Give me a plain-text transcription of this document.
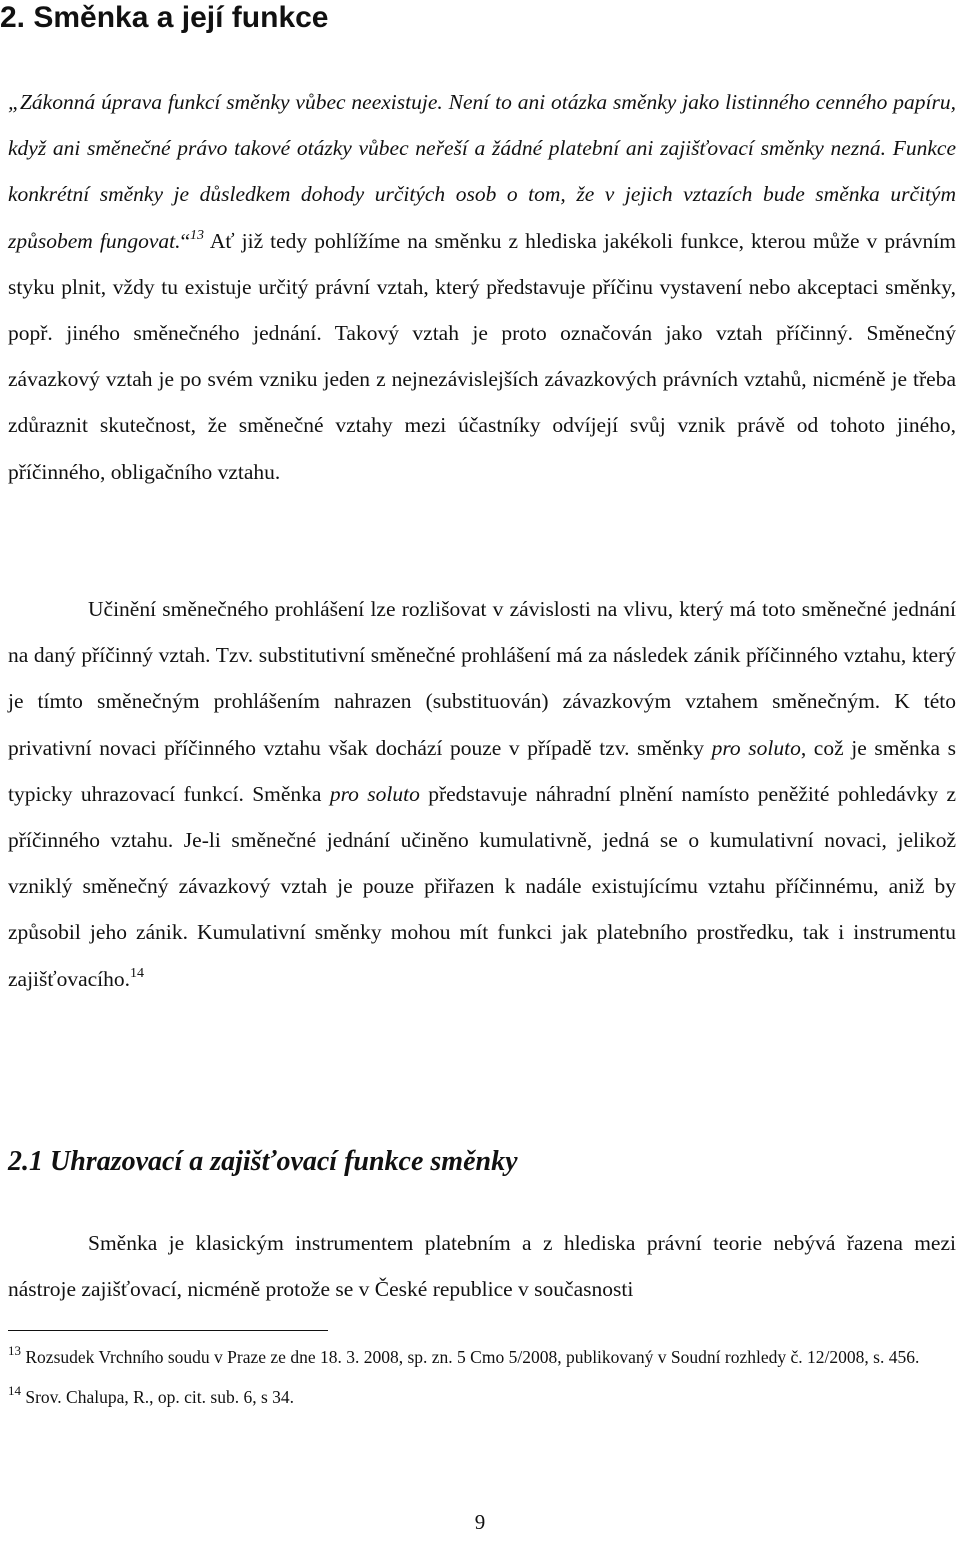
2. Směnka a její funkce

„Zákonná úprava funkcí směnky vůbec neexistuje. Není to ani otázka směnky jako listinného cenného papíru, když ani směnečné právo takové otázky vůbec neřeší a žádné platební ani zajišťovací směnky nezná. Funkce konkrétní směnky je důsledkem dohody určitých osob o tom, že v jejich vztazích bude směnka určitým způsobem fungovat.“$^{13}$ Ať již tedy pohlížíme na směnku z hlediska jakékoli funkce, kterou může v právním styku plnit, vždy tu existuje určitý právní vztah, který představuje příčinu vystavení nebo akceptaci směnky, popř. jiného směnečného jednání. Takový vztah je proto označován jako vztah příčinný. Směnečný závazkový vztah je po svém vzniku jeden z nejnezávislejších závazkových právních vztahů, nicméně je třeba zdůraznit skutečnost, že směnečné vztahy mezi účastníky odvíjejí svůj vznik právě od tohoto jiného, příčinného, obligačního vztahu.

Učinění směnečného prohlášení lze rozlišovat v závislosti na vlivu, který má toto směnečné jednání na daný příčinný vztah. Tzv. substitutivní směnečné prohlášení má za následek zánik příčinného vztahu, který je tímto směnečným prohlášením nahrazen (substituován) závazkovým vztahem směnečným. K této privativní novaci příčinného vztahu však dochází pouze v případě tzv. směnky pro soluto, což je směnka s typicky uhrazovací funkcí. Směnka pro soluto představuje náhradní plnění namísto peněžité pohledávky z příčinného vztahu. Je-li směnečné jednání učiněno kumulativně, jedná se o kumulativní novaci, jelikož vzniklý směnečný závazkový vztah je pouze přiřazen k nadále existujícímu vztahu příčinnému, aniž by způsobil jeho zánik. Kumulativní směnky mohou mít funkci jak platebního prostředku, tak i instrumentu zajišťovacího.$^{14}$

2.1 Uhrazovací a zajišťovací funkce směnky

Směnka je klasickým instrumentem platebním a z hlediska právní teorie nebývá řazena mezi nástroje zajišťovací, nicméně protože se v České republice v současnosti

$^{13}$ Rozsudek Vrchního soudu v Praze ze dne 18. 3. 2008, sp. zn. 5 Cmo 5/2008, publikovaný v Soudní rozhledy č. 12/2008, s. 456.

$^{14}$ Srov. Chalupa, R., op. cit. sub. 6, s 34.

9
